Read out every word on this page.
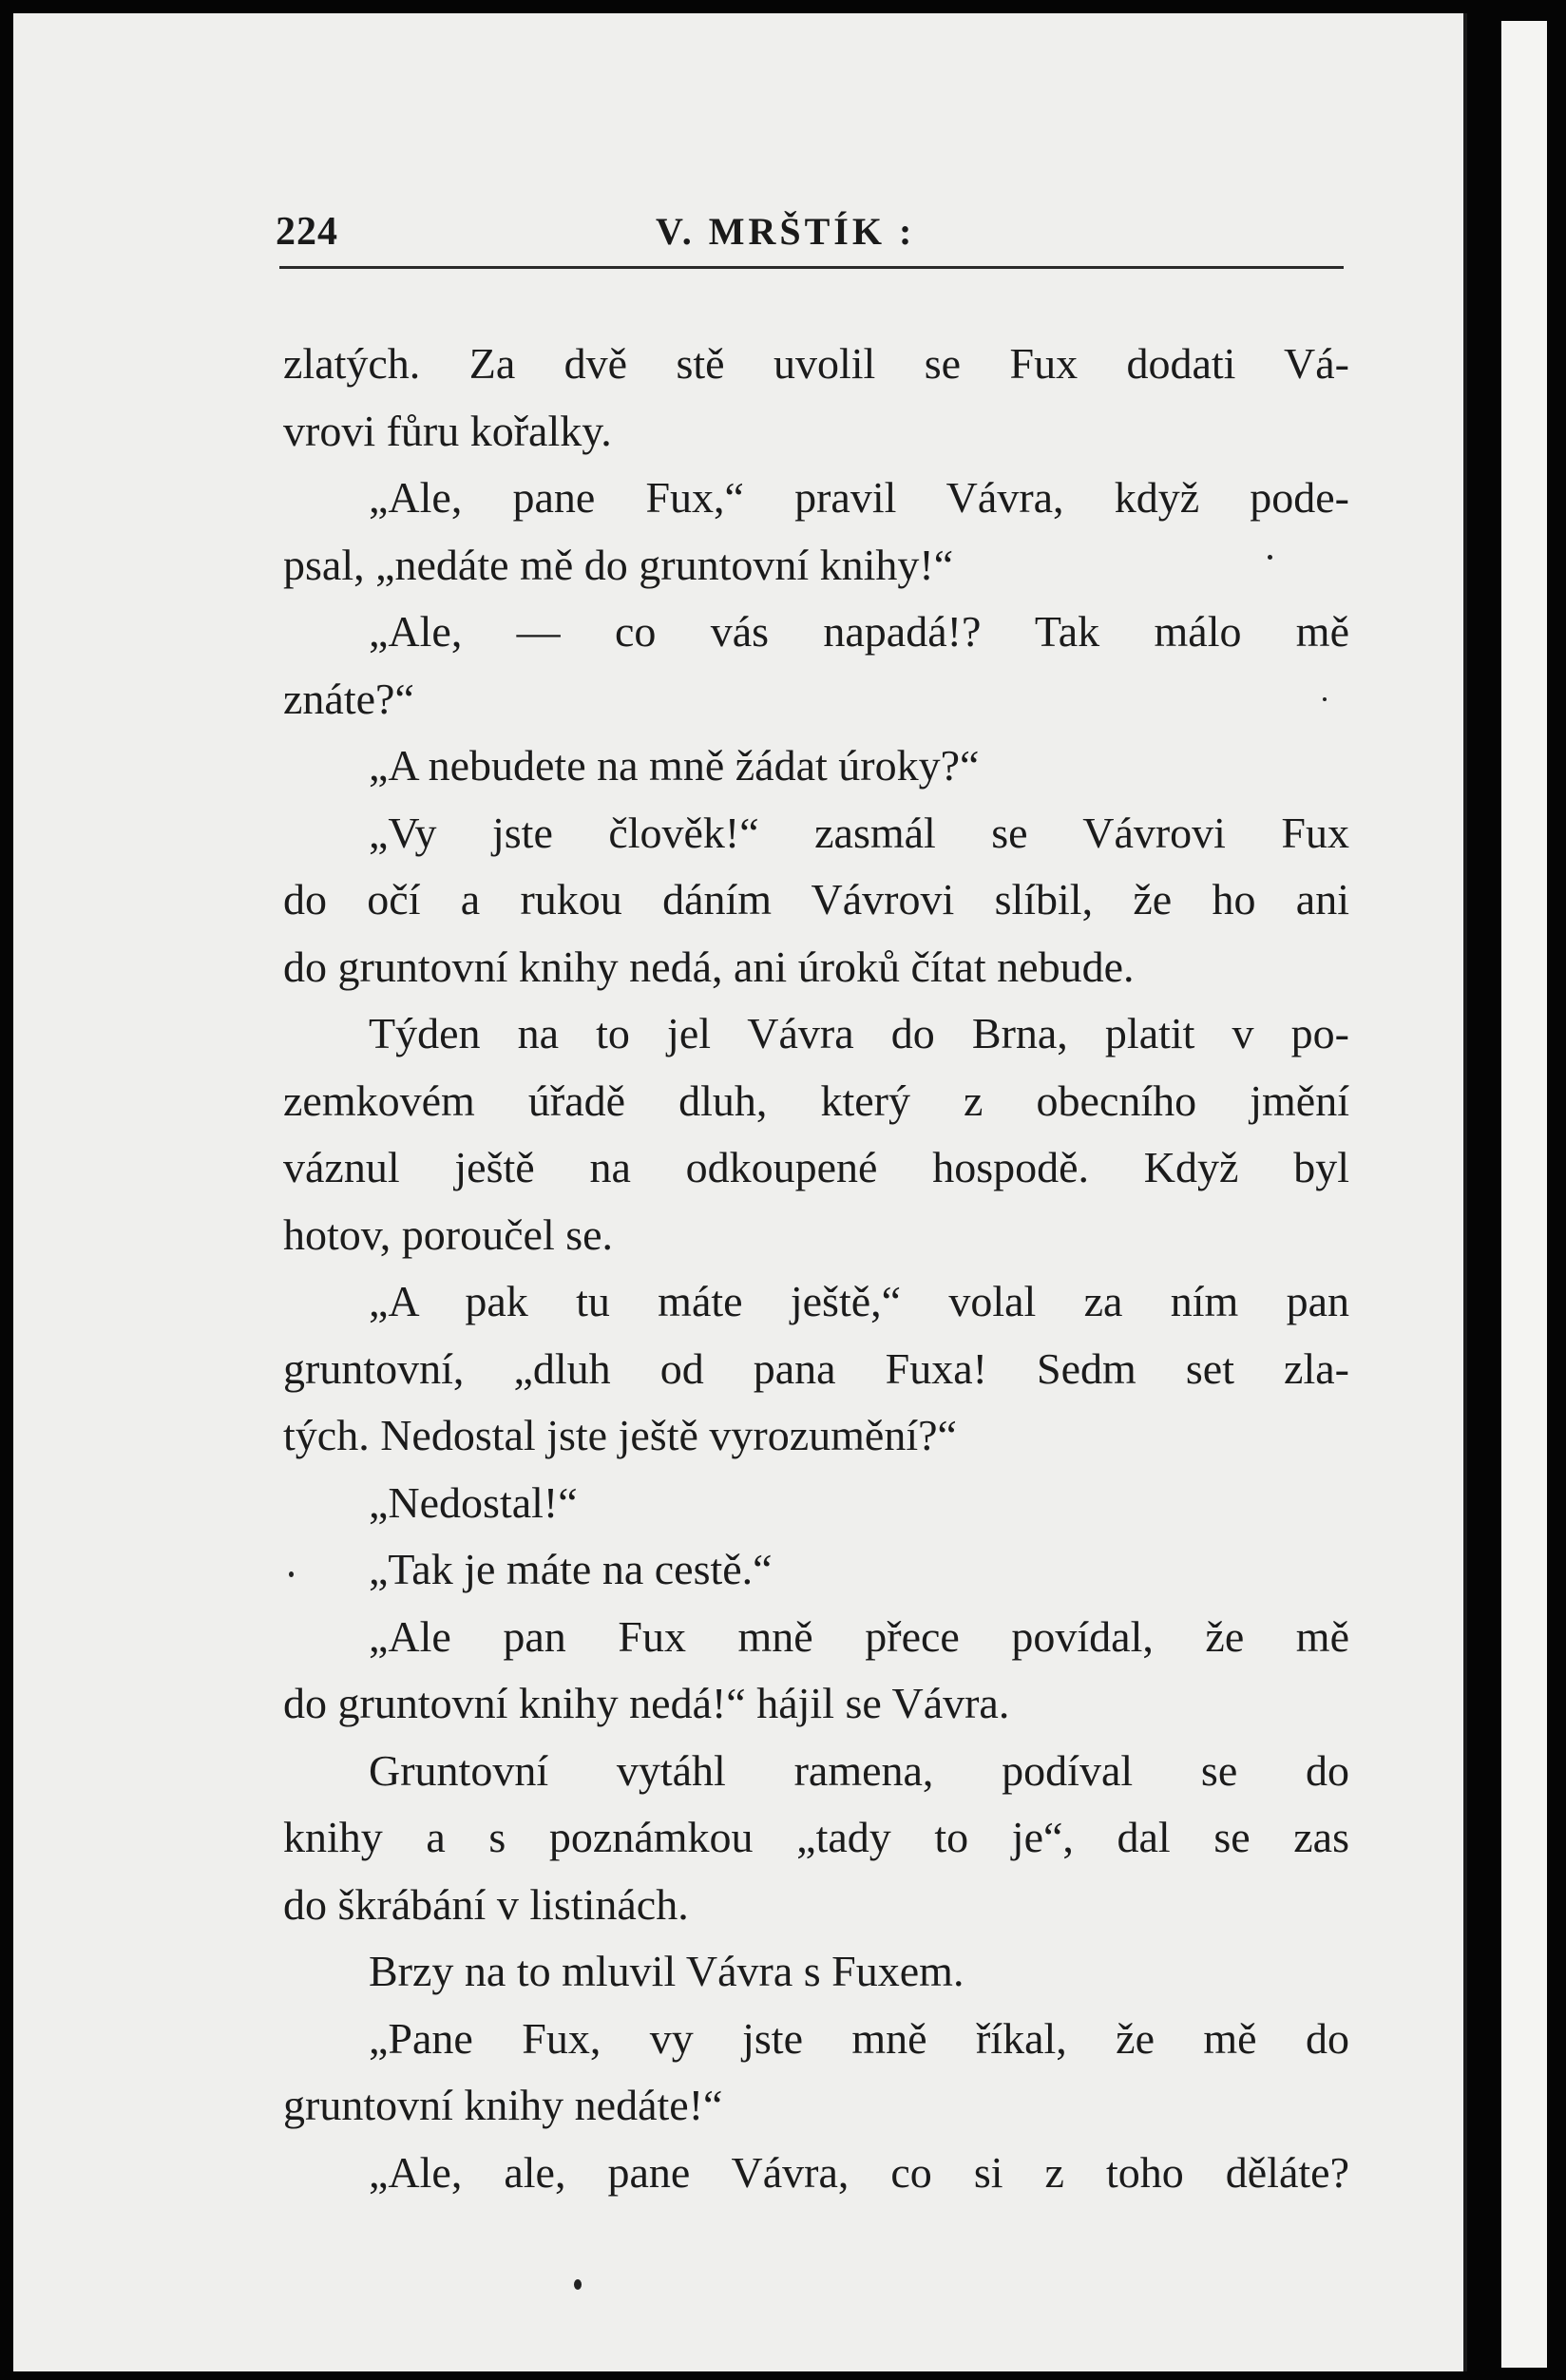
224	V. MRŠTÍK :
zlatých. Za dvě stě uvolil se Fux dodati Vá-
vrovi fůru kořalky.
„Ale, pane Fux,“ pravil Vávra, když pode-
psal, „nedáte mě do gruntovní knihy!“
„Ale, — co vás napadá!? Tak málo mě
znáte?“
„A nebudete na mně žádat úroky?“
„Vy jste člověk!“ zasmál se Vávrovi Fux
do očí a rukou dáním Vávrovi slíbil, že ho ani
do gruntovní knihy nedá, ani úroků čítat nebude.
Týden na to jel Vávra do Brna, platit v po-
zemkovém úřadě dluh, který z obecního jmění
váznul ještě na odkoupené hospodě. Když byl
hotov, poroučel se.
„A pak tu máte ještě,“ volal za ním pan
gruntovní, „dluh od pana Fuxa! Sedm set zla-
tých. Nedostal jste ještě vyrozumění?“
„Nedostal!“
„Tak je máte na cestě.“
„Ale pan Fux mně přece povídal, že mě
do gruntovní knihy nedá!“ hájil se Vávra.
Gruntovní vytáhl ramena, podíval se do
knihy a s poznámkou „tady to je“, dal se zas
do škrábání v listinách.
Brzy na to mluvil Vávra s Fuxem.
„Pane Fux, vy jste mně říkal, že mě do
gruntovní knihy nedáte!“
„Ale, ale, pane Vávra, co si z toho děláte?
